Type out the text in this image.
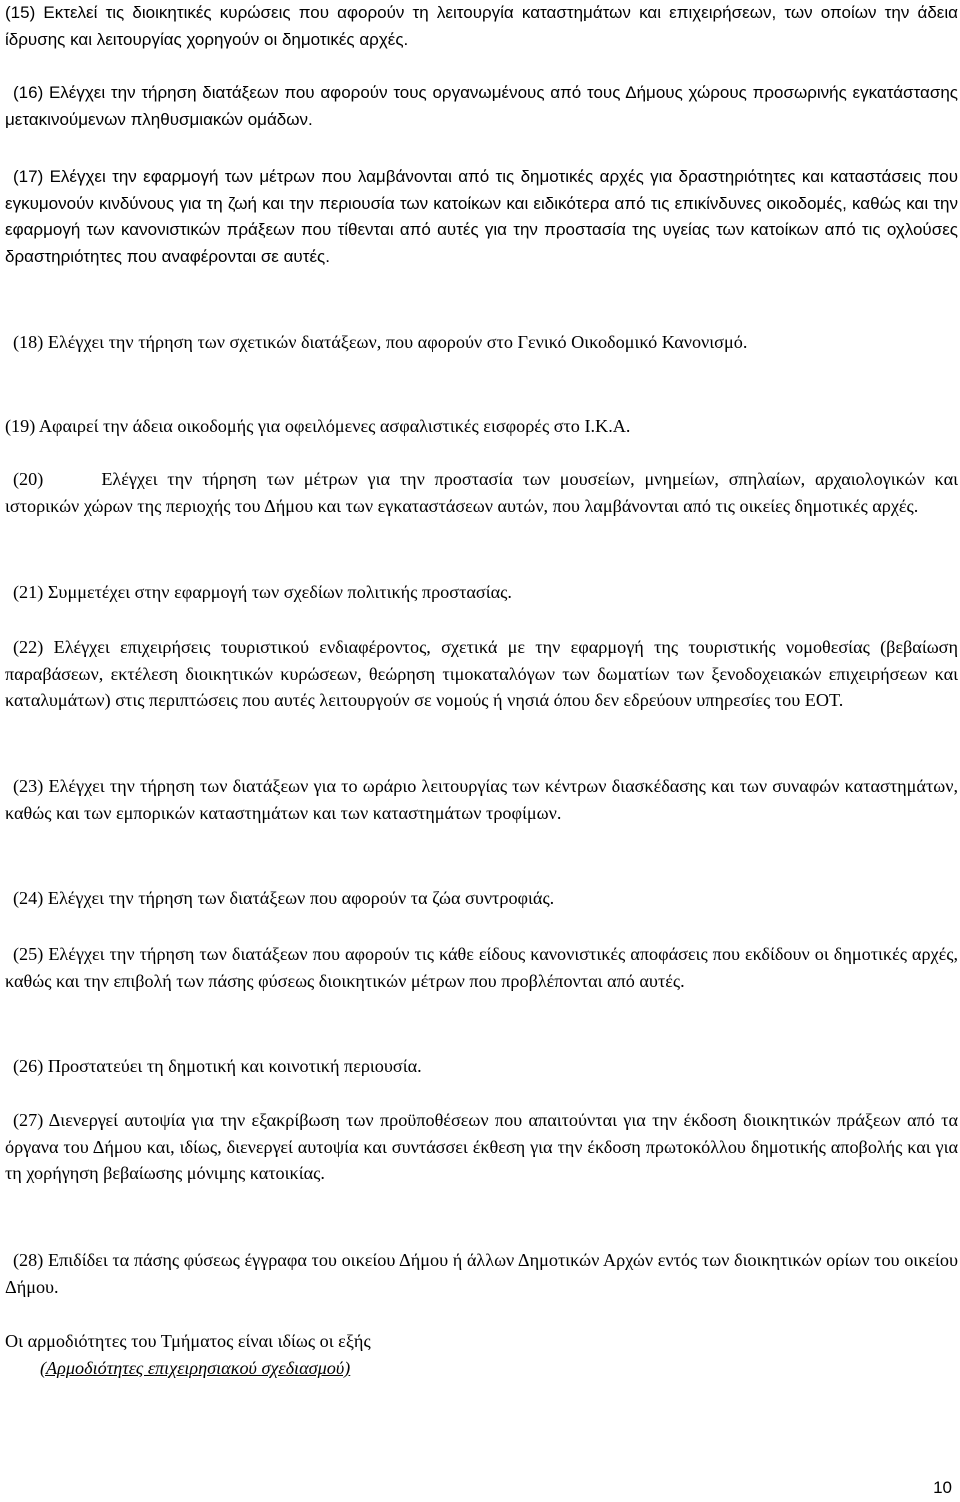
(15) Εκτελεί τις διοικητικές κυρώσεις που αφορούν τη λειτουργία καταστημάτων και επιχειρήσεων, των οποίων την άδεια ίδρυσης και λειτουργίας χορηγούν οι δημοτικές αρχές.

(16) Ελέγχει την τήρηση διατάξεων που αφορούν τους οργανωμένους από τους Δήμους χώρους προσωρινής εγκατάστασης μετακινούμενων πληθυσμιακών ομάδων.

(17) Ελέγχει την εφαρμογή των μέτρων που λαμβάνονται από τις δημοτικές αρχές για δραστηριότητες και καταστάσεις που εγκυμονούν κινδύνους για τη ζωή και την περιουσία των κατοίκων και ειδικότερα από τις επικίνδυνες οικοδομές, καθώς και την εφαρμογή των κανονιστικών πράξεων που τίθενται από αυτές για την προστασία της υγείας των κατοίκων από τις οχλούσες δραστηριότητες που αναφέρονται σε αυτές.

(18) Ελέγχει την τήρηση των σχετικών διατάξεων, που αφορούν στο Γενικό Οικοδομικό Κανονισμό.

(19) Αφαιρεί την άδεια οικοδομής για οφειλόμενες ασφαλιστικές εισφορές στο Ι.Κ.Α.

(20)	Ελέγχει την τήρηση των μέτρων για την προστασία των μουσείων, μνημείων, σπηλαίων, αρχαιολογικών και ιστορικών χώρων της περιοχής του Δήμου και των εγκαταστάσεων αυτών, που λαμβάνονται από τις οικείες δημοτικές αρχές.

(21) Συμμετέχει στην εφαρμογή των σχεδίων πολιτικής προστασίας.

(22) Ελέγχει επιχειρήσεις τουριστικού ενδιαφέροντος, σχετικά με την εφαρμογή της τουριστικής νομοθεσίας (βεβαίωση παραβάσεων, εκτέλεση διοικητικών κυρώσεων, θεώρηση τιμοκαταλόγων των δωματίων των ξενοδοχειακών επιχειρήσεων και καταλυμάτων) στις περιπτώσεις που αυτές λειτουργούν σε νομούς ή νησιά όπου δεν εδρεύουν υπηρεσίες του ΕΟΤ.

(23) Ελέγχει την τήρηση των διατάξεων για το ωράριο λειτουργίας των κέντρων διασκέδασης και των συναφών καταστημάτων, καθώς και των εμπορικών καταστημάτων και των καταστημάτων τροφίμων.

(24) Ελέγχει την τήρηση των διατάξεων που αφορούν τα ζώα συντροφιάς.

(25) Ελέγχει την τήρηση των διατάξεων που αφορούν τις κάθε είδους κανονιστικές αποφάσεις που εκδίδουν οι δημοτικές αρχές, καθώς και την επιβολή των πάσης φύσεως διοικητικών μέτρων που προβλέπονται από αυτές.

(26) Προστατεύει τη δημοτική και κοινοτική περιουσία.

(27) Διενεργεί αυτοψία για την εξακρίβωση των προϋποθέσεων που απαιτούνται για την έκδοση διοικητικών πράξεων από τα όργανα του Δήμου και, ιδίως, διενεργεί αυτοψία και συντάσσει έκθεση για την έκδοση πρωτοκόλλου δημοτικής αποβολής και για τη χορήγηση βεβαίωσης μόνιμης κατοικίας.

(28) Επιδίδει τα πάσης φύσεως έγγραφα του οικείου Δήμου ή άλλων Δημοτικών Αρχών εντός των διοικητικών ορίων του οικείου Δήμου.

Οι αρμοδιότητες του Τμήματος είναι ιδίως οι εξής

(Αρμοδιότητες επιχειρησιακού σχεδιασμού)

10
